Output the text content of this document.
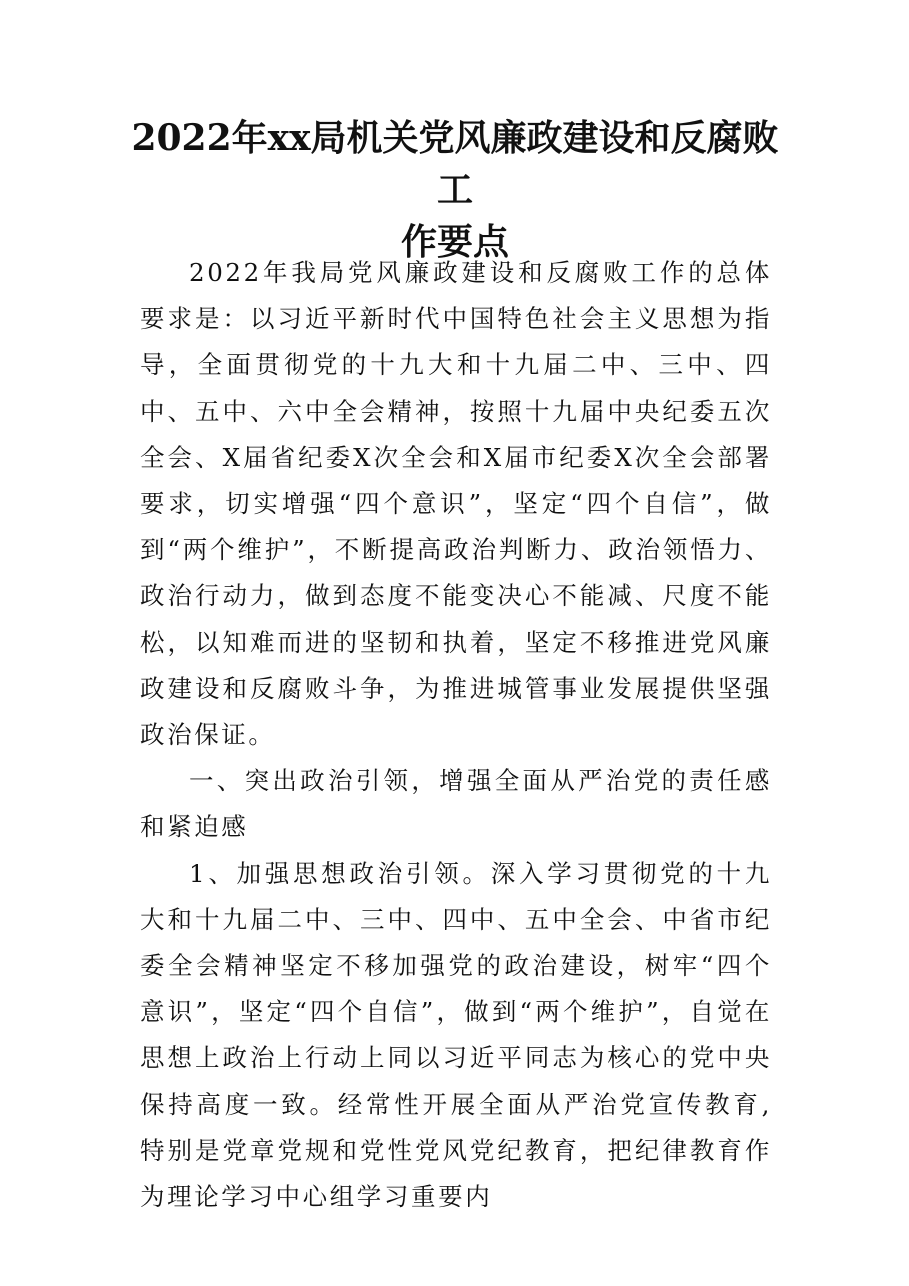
2022年xx局机关党风廉政建设和反腐败工
作要点

2022年我局党风廉政建设和反腐败工作的总体要求是：以习近平新时代中国特色社会主义思想为指导，全面贯彻党的十九大和十九届二中、三中、四中、五中、六中全会精神，按照十九届中央纪委五次全会、X届省纪委X次全会和X届市纪委X次全会部署要求，切实增强“四个意识”，坚定“四个自信”，做到“两个维护”，不断提高政治判断力、政治领悟力、政治行动力，做到态度不能变决心不能减、尺度不能松，以知难而进的坚韧和执着，坚定不移推进党风廉政建设和反腐败斗争，为推进城管事业发展提供坚强政治保证。

一、突出政治引领，增强全面从严治党的责任感和紧迫感

1、加强思想政治引领。深入学习贯彻党的十九大和十九届二中、三中、四中、五中全会、中省市纪委全会精神坚定不移加强党的政治建设，树牢“四个意识”，坚定“四个自信”，做到“两个维护”，自觉在思想上政治上行动上同以习近平同志为核心的党中央保持高度一致。经常性开展全面从严治党宣传教育,特别是党章党规和党性党风党纪教育，把纪律教育作为理论学习中心组学习重要内
